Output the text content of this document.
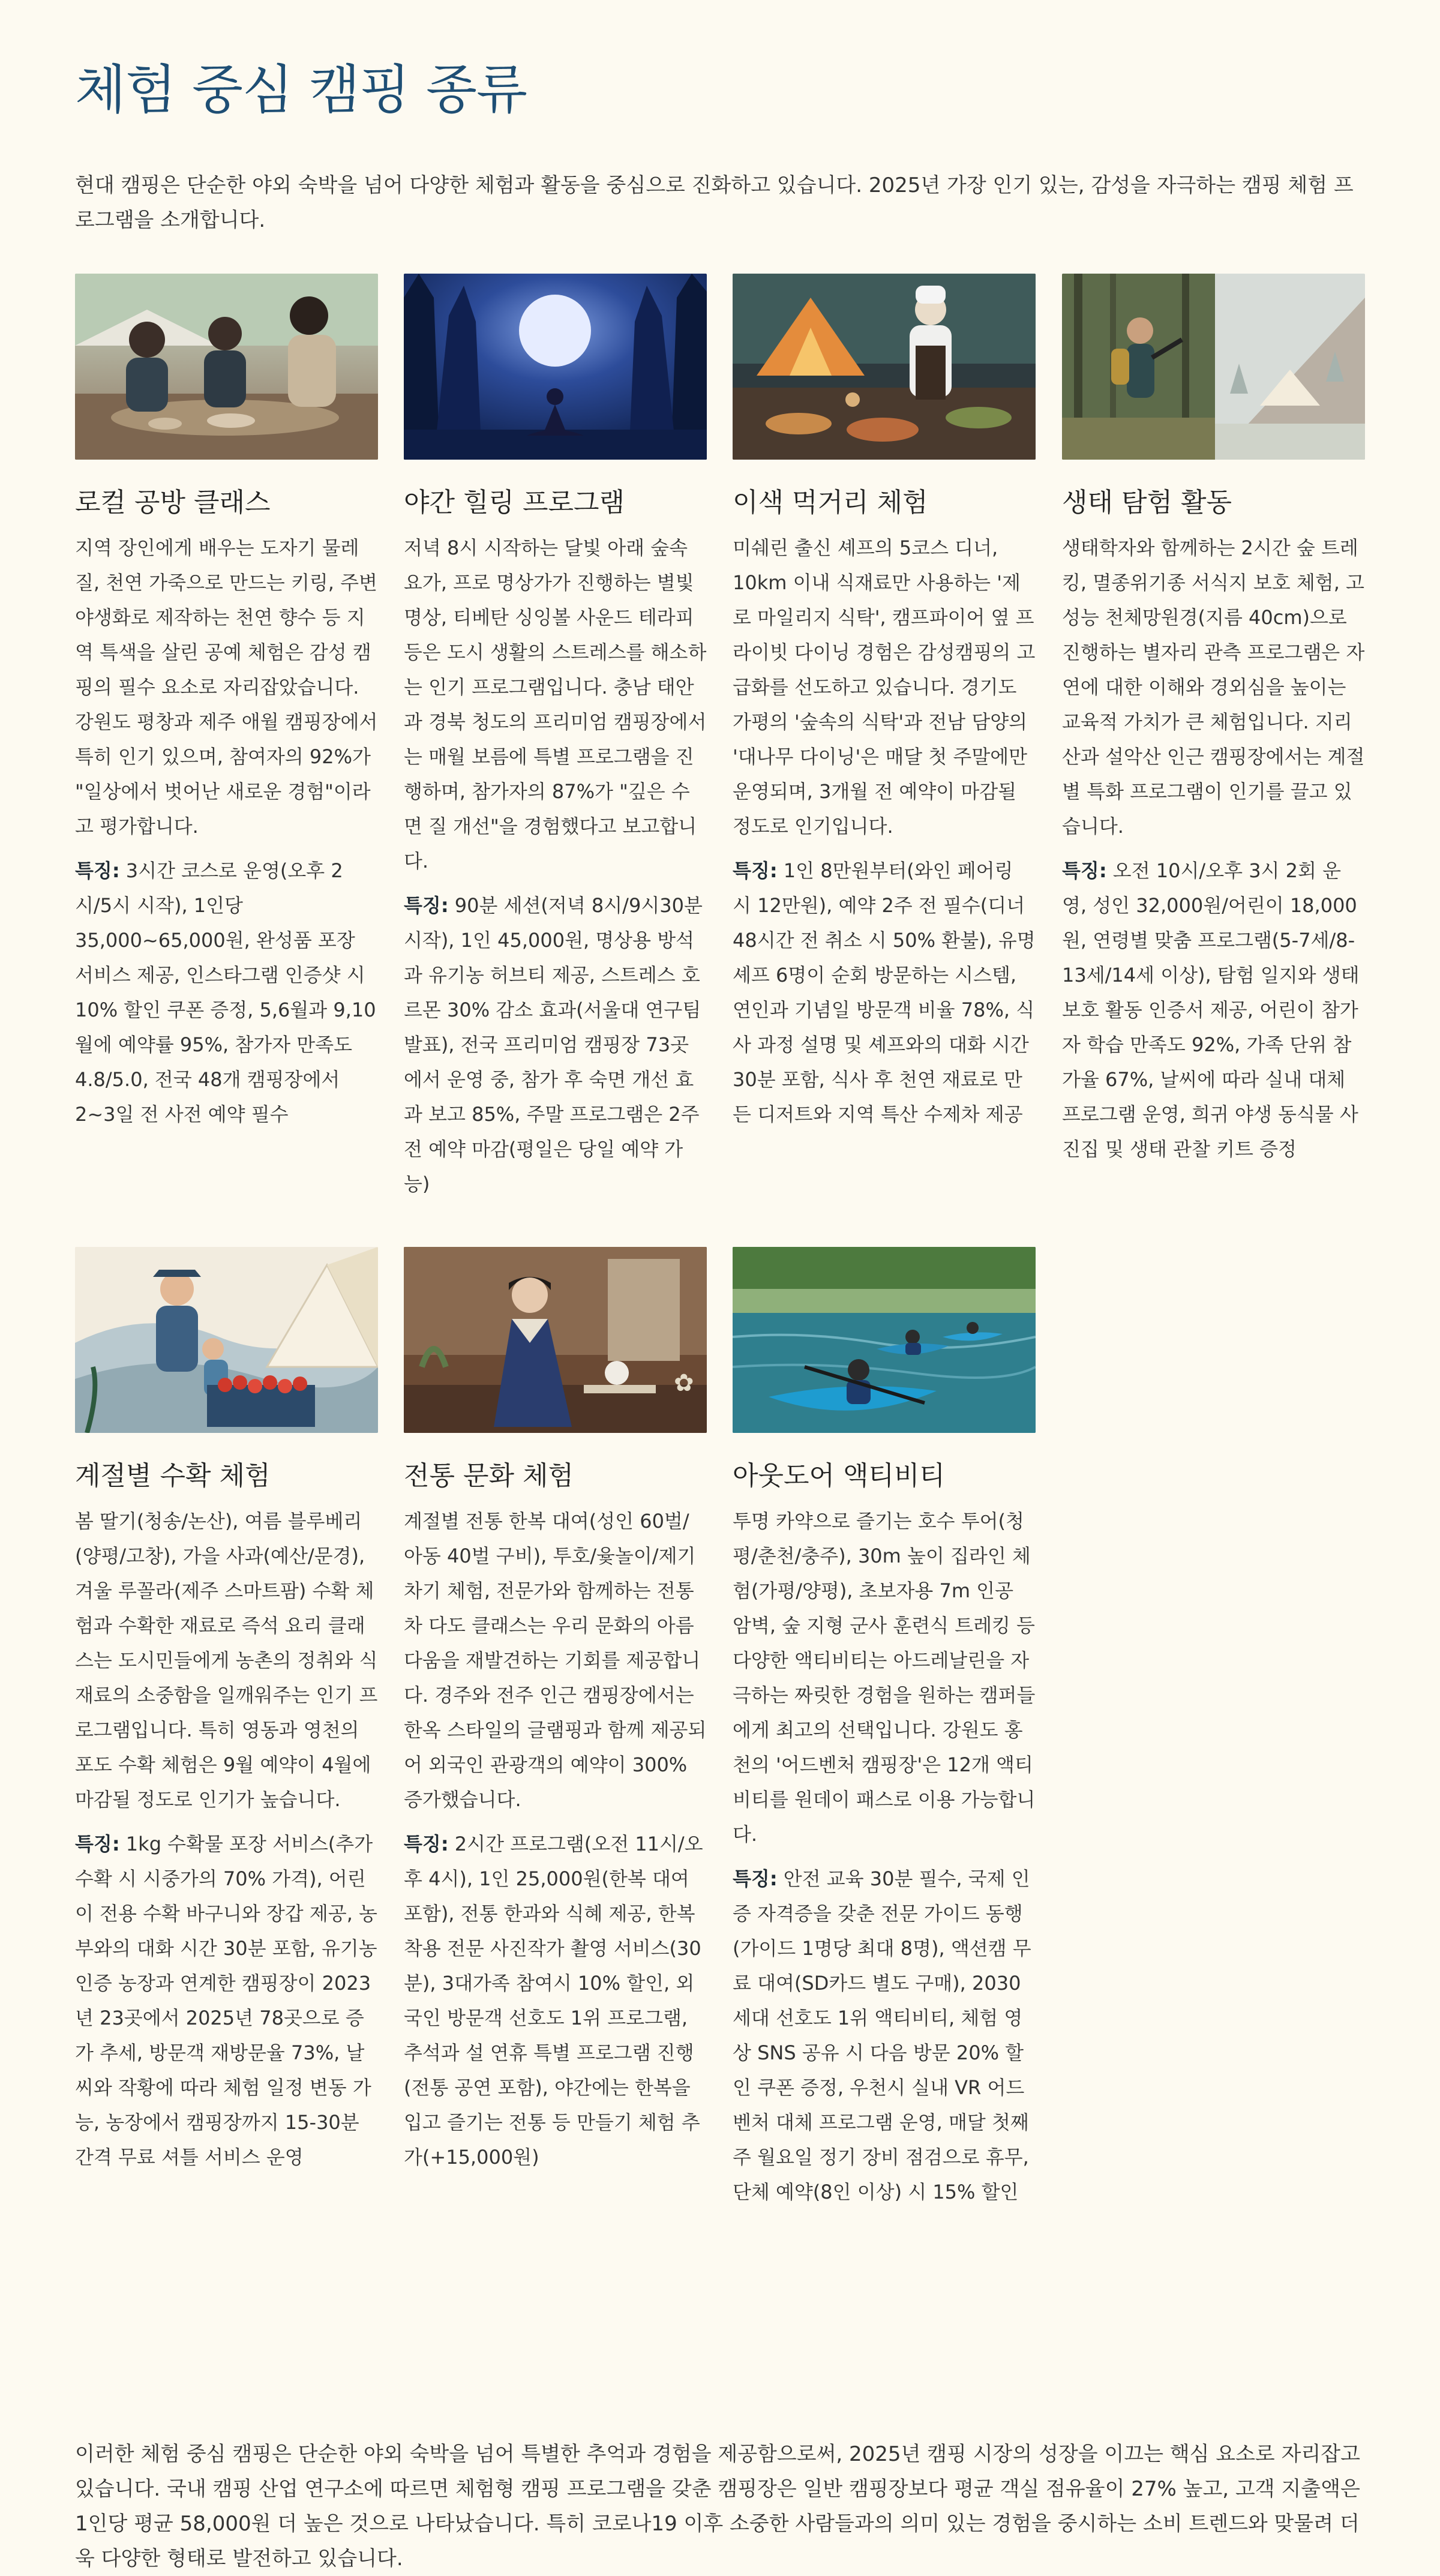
체험 중심 캠핑 종류

현대 캠핑은 단순한 야외 숙박을 넘어 다양한 체험과 활동을 중심으로 진화하고 있습니다. 2025년 가장 인기 있는, 감성을 자극하는 캠핑 체험 프로그램을 소개합니다.

로컬 공방 클래스

지역 장인에게 배우는 도자기 물레질, 천연 가죽으로 만드는 키링, 주변 야생화로 제작하는 천연 향수 등 지역 특색을 살린 공예 체험은 감성 캠핑의 필수 요소로 자리잡았습니다. 강원도 평창과 제주 애월 캠핑장에서 특히 인기 있으며, 참여자의 92%가 "일상에서 벗어난 새로운 경험"이라고 평가합니다.

특징: 3시간 코스로 운영(오후 2시/5시 시작), 1인당 35,000~65,000원, 완성품 포장 서비스 제공, 인스타그램 인증샷 시 10% 할인 쿠폰 증정, 5,6월과 9,10월에 예약률 95%, 참가자 만족도 4.8/5.0, 전국 48개 캠핑장에서 2~3일 전 사전 예약 필수

야간 힐링 프로그램

저녁 8시 시작하는 달빛 아래 숲속 요가, 프로 명상가가 진행하는 별빛 명상, 티베탄 싱잉볼 사운드 테라피 등은 도시 생활의 스트레스를 해소하는 인기 프로그램입니다. 충남 태안과 경북 청도의 프리미엄 캠핑장에서는 매월 보름에 특별 프로그램을 진행하며, 참가자의 87%가 "깊은 수면 질 개선"을 경험했다고 보고합니다.

특징: 90분 세션(저녁 8시/9시30분 시작), 1인 45,000원, 명상용 방석과 유기농 허브티 제공, 스트레스 호르몬 30% 감소 효과(서울대 연구팀 발표), 전국 프리미엄 캠핑장 73곳에서 운영 중, 참가 후 숙면 개선 효과 보고 85%, 주말 프로그램은 2주 전 예약 마감(평일은 당일 예약 가능)

이색 먹거리 체험

미쉐린 출신 셰프의 5코스 디너, 10km 이내 식재료만 사용하는 '제로 마일리지 식탁', 캠프파이어 옆 프라이빗 다이닝 경험은 감성캠핑의 고급화를 선도하고 있습니다. 경기도 가평의 '숲속의 식탁'과 전남 담양의 '대나무 다이닝'은 매달 첫 주말에만 운영되며, 3개월 전 예약이 마감될 정도로 인기입니다.

특징: 1인 8만원부터(와인 페어링 시 12만원), 예약 2주 전 필수(디너 48시간 전 취소 시 50% 환불), 유명 셰프 6명이 순회 방문하는 시스템, 연인과 기념일 방문객 비율 78%, 식사 과정 설명 및 셰프와의 대화 시간 30분 포함, 식사 후 천연 재료로 만든 디저트와 지역 특산 수제차 제공

생태 탐험 활동

생태학자와 함께하는 2시간 숲 트레킹, 멸종위기종 서식지 보호 체험, 고성능 천체망원경(지름 40cm)으로 진행하는 별자리 관측 프로그램은 자연에 대한 이해와 경외심을 높이는 교육적 가치가 큰 체험입니다. 지리산과 설악산 인근 캠핑장에서는 계절별 특화 프로그램이 인기를 끌고 있습니다.

특징: 오전 10시/오후 3시 2회 운영, 성인 32,000원/어린이 18,000원, 연령별 맞춤 프로그램(5-7세/8-13세/14세 이상), 탐험 일지와 생태 보호 활동 인증서 제공, 어린이 참가자 학습 만족도 92%, 가족 단위 참가율 67%, 날씨에 따라 실내 대체 프로그램 운영, 희귀 야생 동식물 사진집 및 생태 관찰 키트 증정

계절별 수확 체험

봄 딸기(청송/논산), 여름 블루베리(양평/고창), 가을 사과(예산/문경), 겨울 루꼴라(제주 스마트팜) 수확 체험과 수확한 재료로 즉석 요리 클래스는 도시민들에게 농촌의 정취와 식재료의 소중함을 일깨워주는 인기 프로그램입니다. 특히 영동과 영천의 포도 수확 체험은 9월 예약이 4월에 마감될 정도로 인기가 높습니다.

특징: 1kg 수확물 포장 서비스(추가 수확 시 시중가의 70% 가격), 어린이 전용 수확 바구니와 장갑 제공, 농부와의 대화 시간 30분 포함, 유기농 인증 농장과 연계한 캠핑장이 2023년 23곳에서 2025년 78곳으로 증가 추세, 방문객 재방문율 73%, 날씨와 작황에 따라 체험 일정 변동 가능, 농장에서 캠핑장까지 15-30분 간격 무료 셔틀 서비스 운영

✿
전통 문화 체험

계절별 전통 한복 대여(성인 60벌/아동 40벌 구비), 투호/윷놀이/제기차기 체험, 전문가와 함께하는 전통차 다도 클래스는 우리 문화의 아름다움을 재발견하는 기회를 제공합니다. 경주와 전주 인근 캠핑장에서는 한옥 스타일의 글램핑과 함께 제공되어 외국인 관광객의 예약이 300% 증가했습니다.

특징: 2시간 프로그램(오전 11시/오후 4시), 1인 25,000원(한복 대여 포함), 전통 한과와 식혜 제공, 한복 착용 전문 사진작가 촬영 서비스(30분), 3대가족 참여시 10% 할인, 외국인 방문객 선호도 1위 프로그램, 추석과 설 연휴 특별 프로그램 진행(전통 공연 포함), 야간에는 한복을 입고 즐기는 전통 등 만들기 체험 추가(+15,000원)

아웃도어 액티비티

투명 카약으로 즐기는 호수 투어(청평/춘천/충주), 30m 높이 집라인 체험(가평/양평), 초보자용 7m 인공 암벽, 숲 지형 군사 훈련식 트레킹 등 다양한 액티비티는 아드레날린을 자극하는 짜릿한 경험을 원하는 캠퍼들에게 최고의 선택입니다. 강원도 홍천의 '어드벤처 캠핑장'은 12개 액티비티를 원데이 패스로 이용 가능합니다.

특징: 안전 교육 30분 필수, 국제 인증 자격증을 갖춘 전문 가이드 동행(가이드 1명당 최대 8명), 액션캠 무료 대여(SD카드 별도 구매), 2030세대 선호도 1위 액티비티, 체험 영상 SNS 공유 시 다음 방문 20% 할인 쿠폰 증정, 우천시 실내 VR 어드벤처 대체 프로그램 운영, 매달 첫째 주 월요일 정기 장비 점검으로 휴무, 단체 예약(8인 이상) 시 15% 할인

이러한 체험 중심 캠핑은 단순한 야외 숙박을 넘어 특별한 추억과 경험을 제공함으로써, 2025년 캠핑 시장의 성장을 이끄는 핵심 요소로 자리잡고 있습니다. 국내 캠핑 산업 연구소에 따르면 체험형 캠핑 프로그램을 갖춘 캠핑장은 일반 캠핑장보다 평균 객실 점유율이 27% 높고, 고객 지출액은 1인당 평균 58,000원 더 높은 것으로 나타났습니다. 특히 코로나19 이후 소중한 사람들과의 의미 있는 경험을 중시하는 소비 트렌드와 맞물려 더욱 다양한 형태로 발전하고 있습니다.
